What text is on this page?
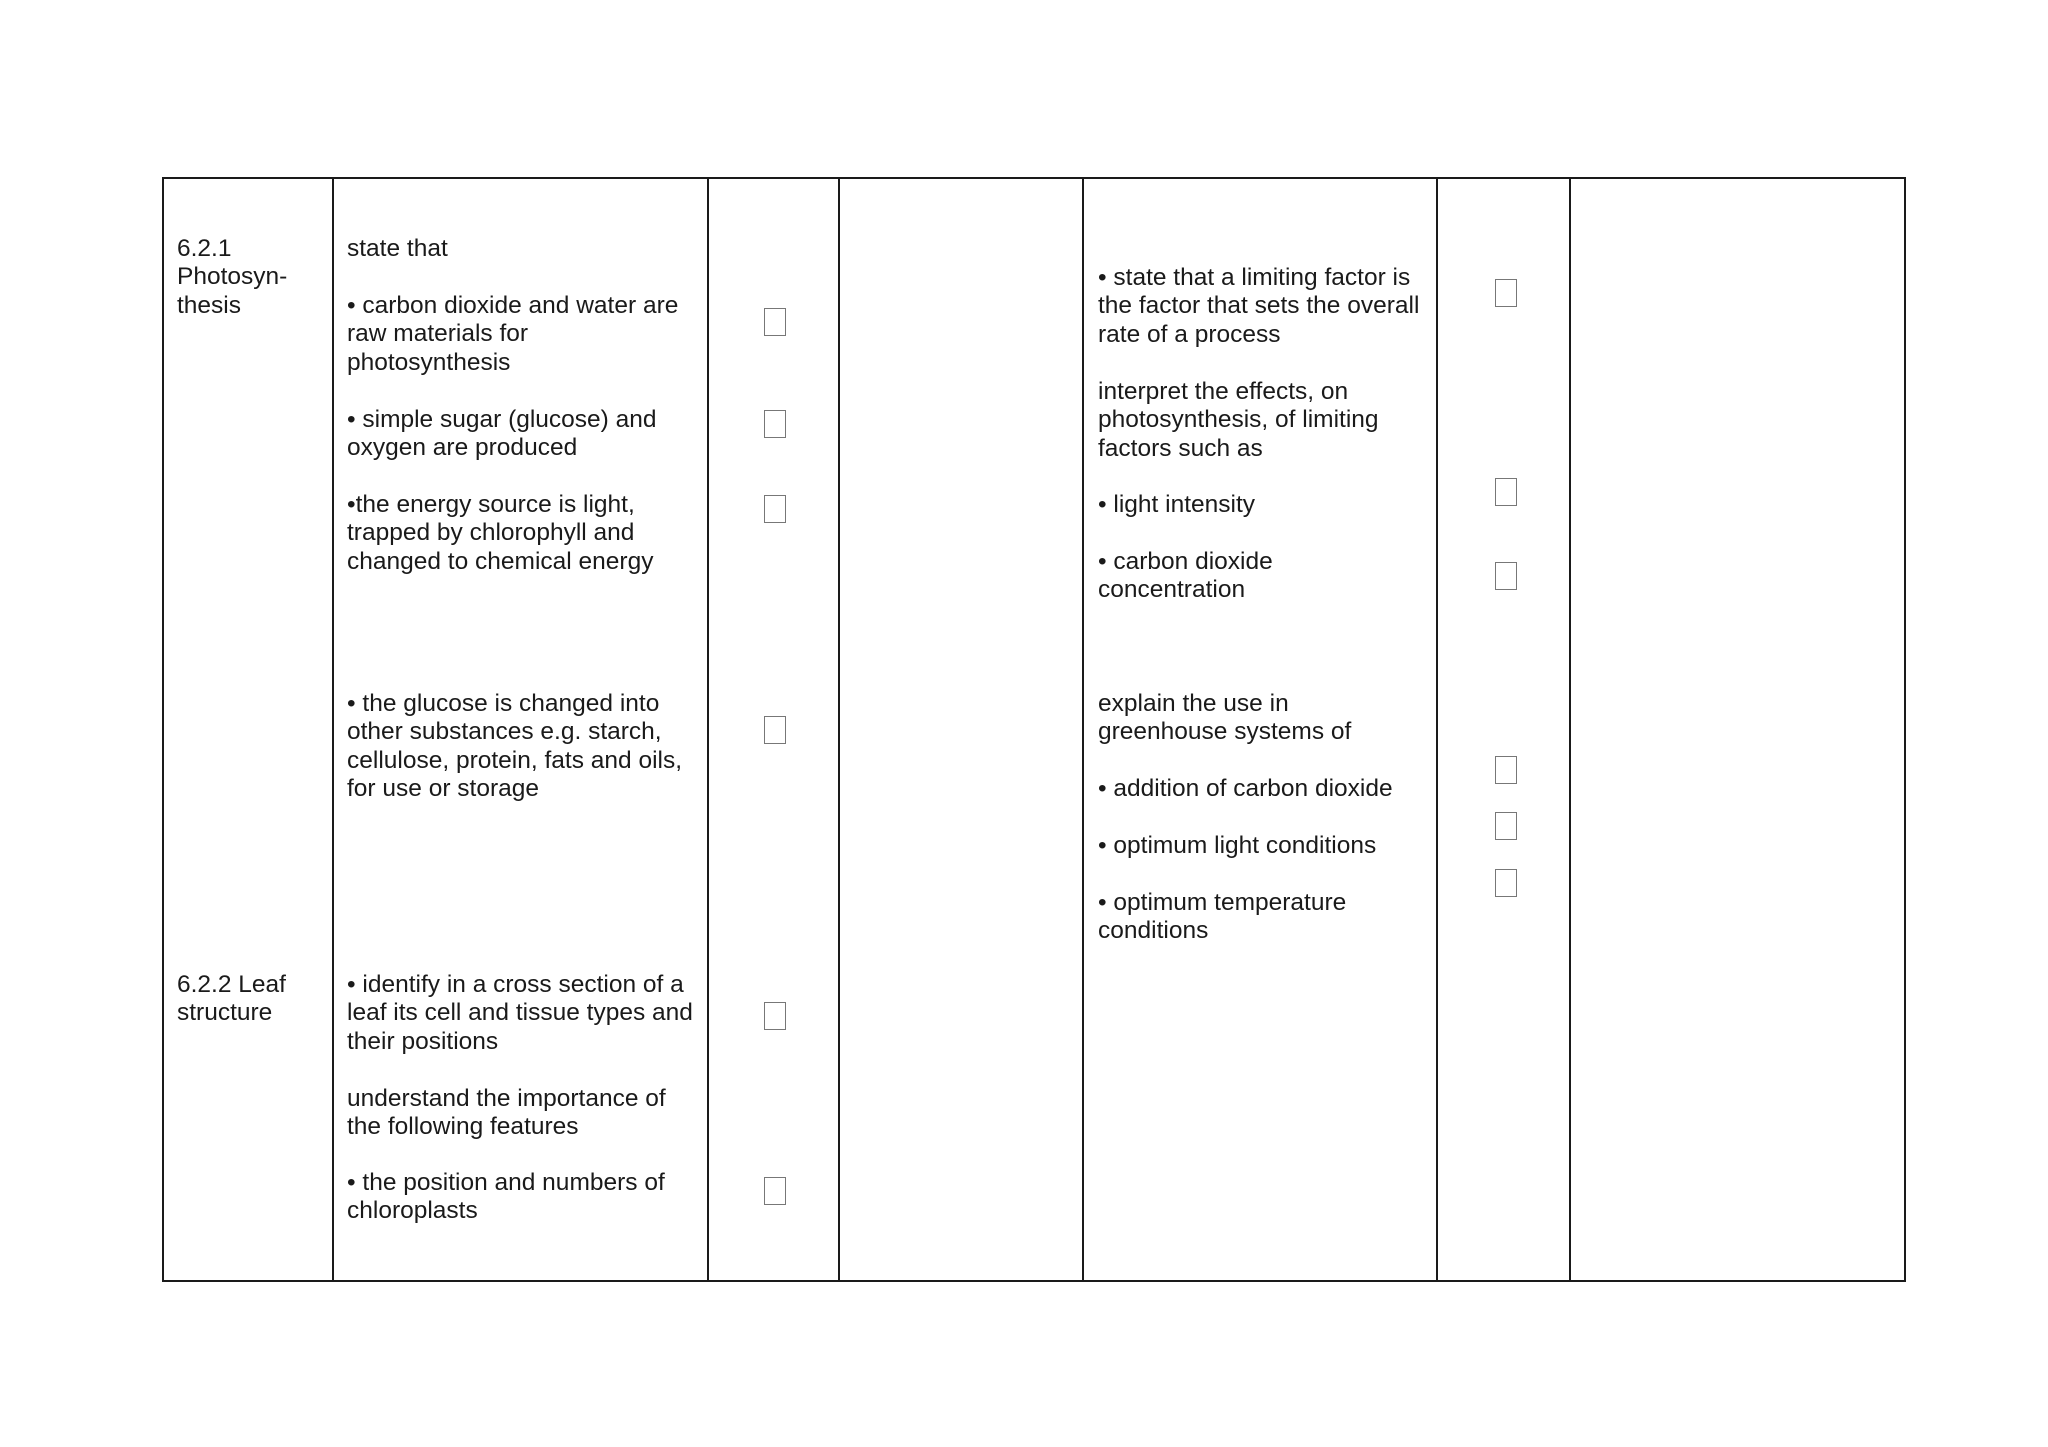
6.2.1
Photosyn-
thesis

6.2.2 Leaf
structure

state that

• carbon dioxide and water are
raw materials for
photosynthesis

• simple sugar (glucose) and
oxygen are produced

•the energy source is light,
trapped by chlorophyll and
changed to chemical energy

• the glucose is changed into
other substances e.g. starch,
cellulose, protein, fats and oils,
for use or storage

• identify in a cross section of a
leaf its cell and tissue types and
their positions

understand the importance of
the following features

• the position and numbers of
chloroplasts

• state that a limiting factor is
the factor that sets the overall
rate of a process

interpret the effects, on
photosynthesis, of limiting
factors such as

• light intensity

• carbon dioxide
concentration

explain the use in
greenhouse systems of

• addition of carbon dioxide

• optimum light conditions

• optimum temperature
conditions
